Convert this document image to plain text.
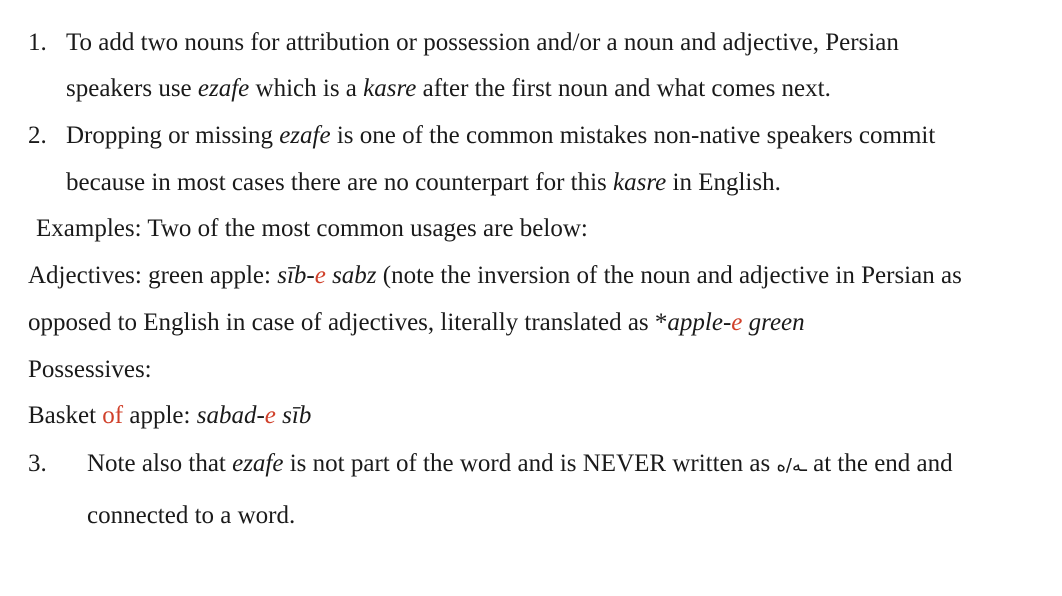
1. To add two nouns for attribution or possession and/or a noun and adjective, Persian
speakers use ezafe which is a kasre after the first noun and what comes next.
2. Dropping or missing ezafe is one of the common mistakes non-native speakers commit
because in most cases there are no counterpart for this kasre in English.
Examples: Two of the most common usages are below:
Adjectives: green apple: sīb-e sabz (note the inversion of the noun and adjective in Persian as
opposed to English in case of adjectives, literally translated as *apple-e green
Possessives:
Basket of apple: sabad-e sīb
3. Note also that ezafe is not part of the word and is NEVER written as ـه/ه at the end and
connected to a word.
